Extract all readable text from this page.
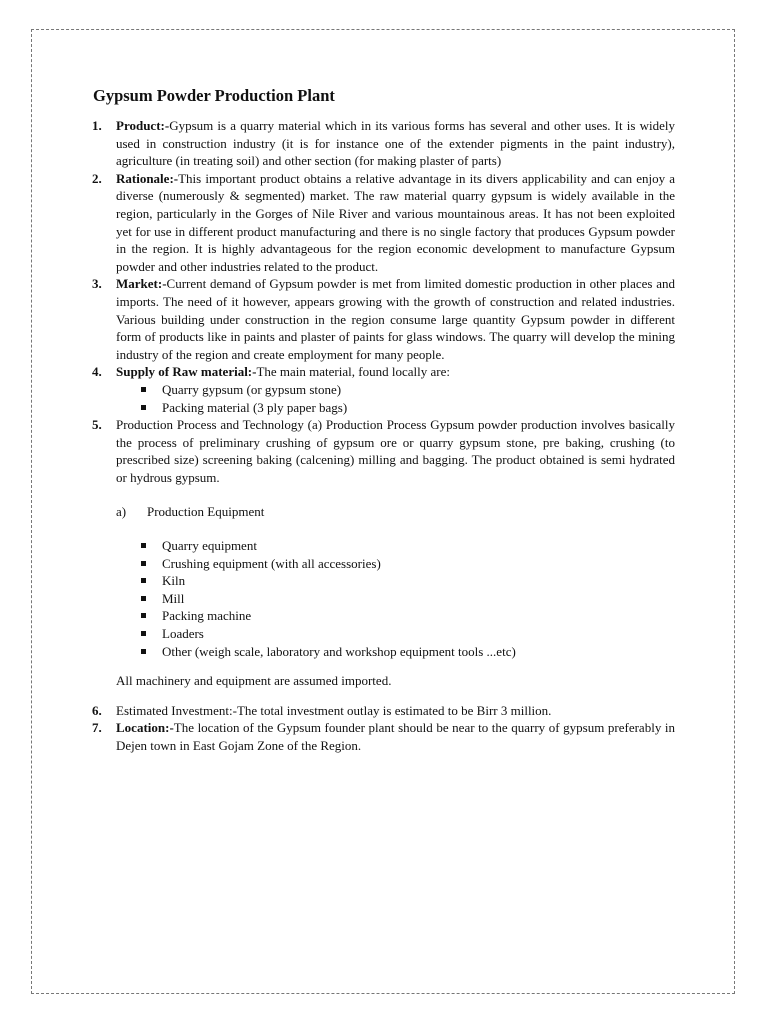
Gypsum Powder Production Plant
1. Product:-Gypsum is a quarry material which in its various forms has several and other uses. It is widely used in construction industry (it is for instance one of the extender pigments in the paint industry), agriculture (in treating soil) and other section (for making plaster of parts)
2. Rationale:-This important product obtains a relative advantage in its divers applicability and can enjoy a diverse (numerously & segmented) market. The raw material quarry gypsum is widely available in the region, particularly in the Gorges of Nile River and various mountainous areas. It has not been exploited yet for use in different product manufacturing and there is no single factory that produces Gypsum powder in the region. It is highly advantageous for the region economic development to manufacture Gypsum powder and other industries related to the product.
3. Market:-Current demand of Gypsum powder is met from limited domestic production in other places and imports. The need of it however, appears growing with the growth of construction and related industries. Various building under construction in the region consume large quantity Gypsum powder in different form of products like in paints and plaster of paints for glass windows. The quarry will develop the mining industry of the region and create employment for many people.
4. Supply of Raw material:-The main material, found locally are:
Quarry gypsum (or gypsum stone)
Packing material (3 ply paper bags)
5. Production Process and Technology (a) Production Process Gypsum powder production involves basically the process of preliminary crushing of gypsum ore or quarry gypsum stone, pre baking, crushing (to prescribed size) screening baking (calcening) milling and bagging. The product obtained is semi hydrated or hydrous gypsum.
a) Production Equipment
Quarry equipment
Crushing equipment (with all accessories)
Kiln
Mill
Packing machine
Loaders
Other (weigh scale, laboratory and workshop equipment tools ...etc)

All machinery and equipment are assumed imported.

6. Estimated Investment:-The total investment outlay is estimated to be Birr 3 million.
7. Location:-The location of the Gypsum founder plant should be near to the quarry of gypsum preferably in Dejen town in East Gojam Zone of the Region.
